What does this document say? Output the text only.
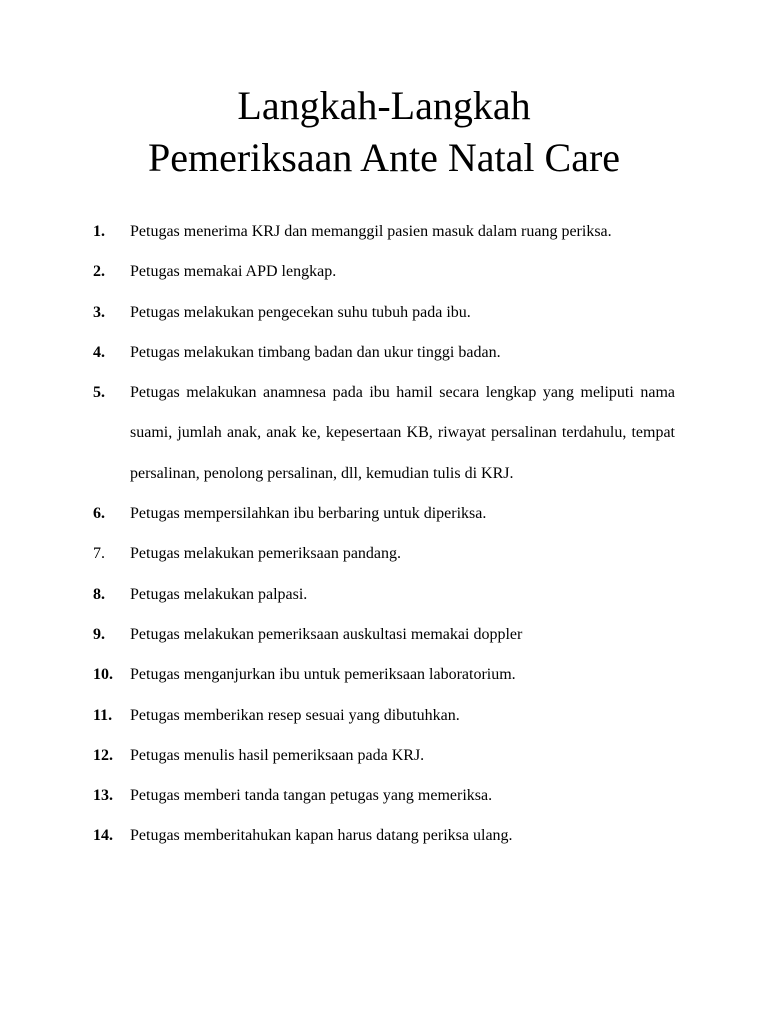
Langkah-Langkah
Pemeriksaan Ante Natal Care
1.	Petugas menerima KRJ dan memanggil pasien masuk dalam ruang periksa.
2.	Petugas memakai APD lengkap.
3.	Petugas melakukan pengecekan suhu tubuh pada ibu.
4.	Petugas melakukan timbang badan dan ukur tinggi badan.
5.	Petugas melakukan anamnesa pada ibu hamil secara lengkap yang meliputi nama suami, jumlah anak, anak ke, kepesertaan KB, riwayat persalinan terdahulu, tempat persalinan, penolong persalinan, dll, kemudian tulis di KRJ.
6.	Petugas mempersilahkan ibu berbaring untuk diperiksa.
7.	Petugas melakukan pemeriksaan pandang.
8.	Petugas melakukan palpasi.
9.	Petugas melakukan pemeriksaan auskultasi memakai doppler
10.	Petugas menganjurkan ibu untuk pemeriksaan laboratorium.
11.	Petugas memberikan resep sesuai yang dibutuhkan.
12.	Petugas menulis hasil pemeriksaan pada KRJ.
13.	Petugas memberi tanda tangan petugas yang memeriksa.
14.	Petugas memberitahukan kapan harus datang periksa ulang.
